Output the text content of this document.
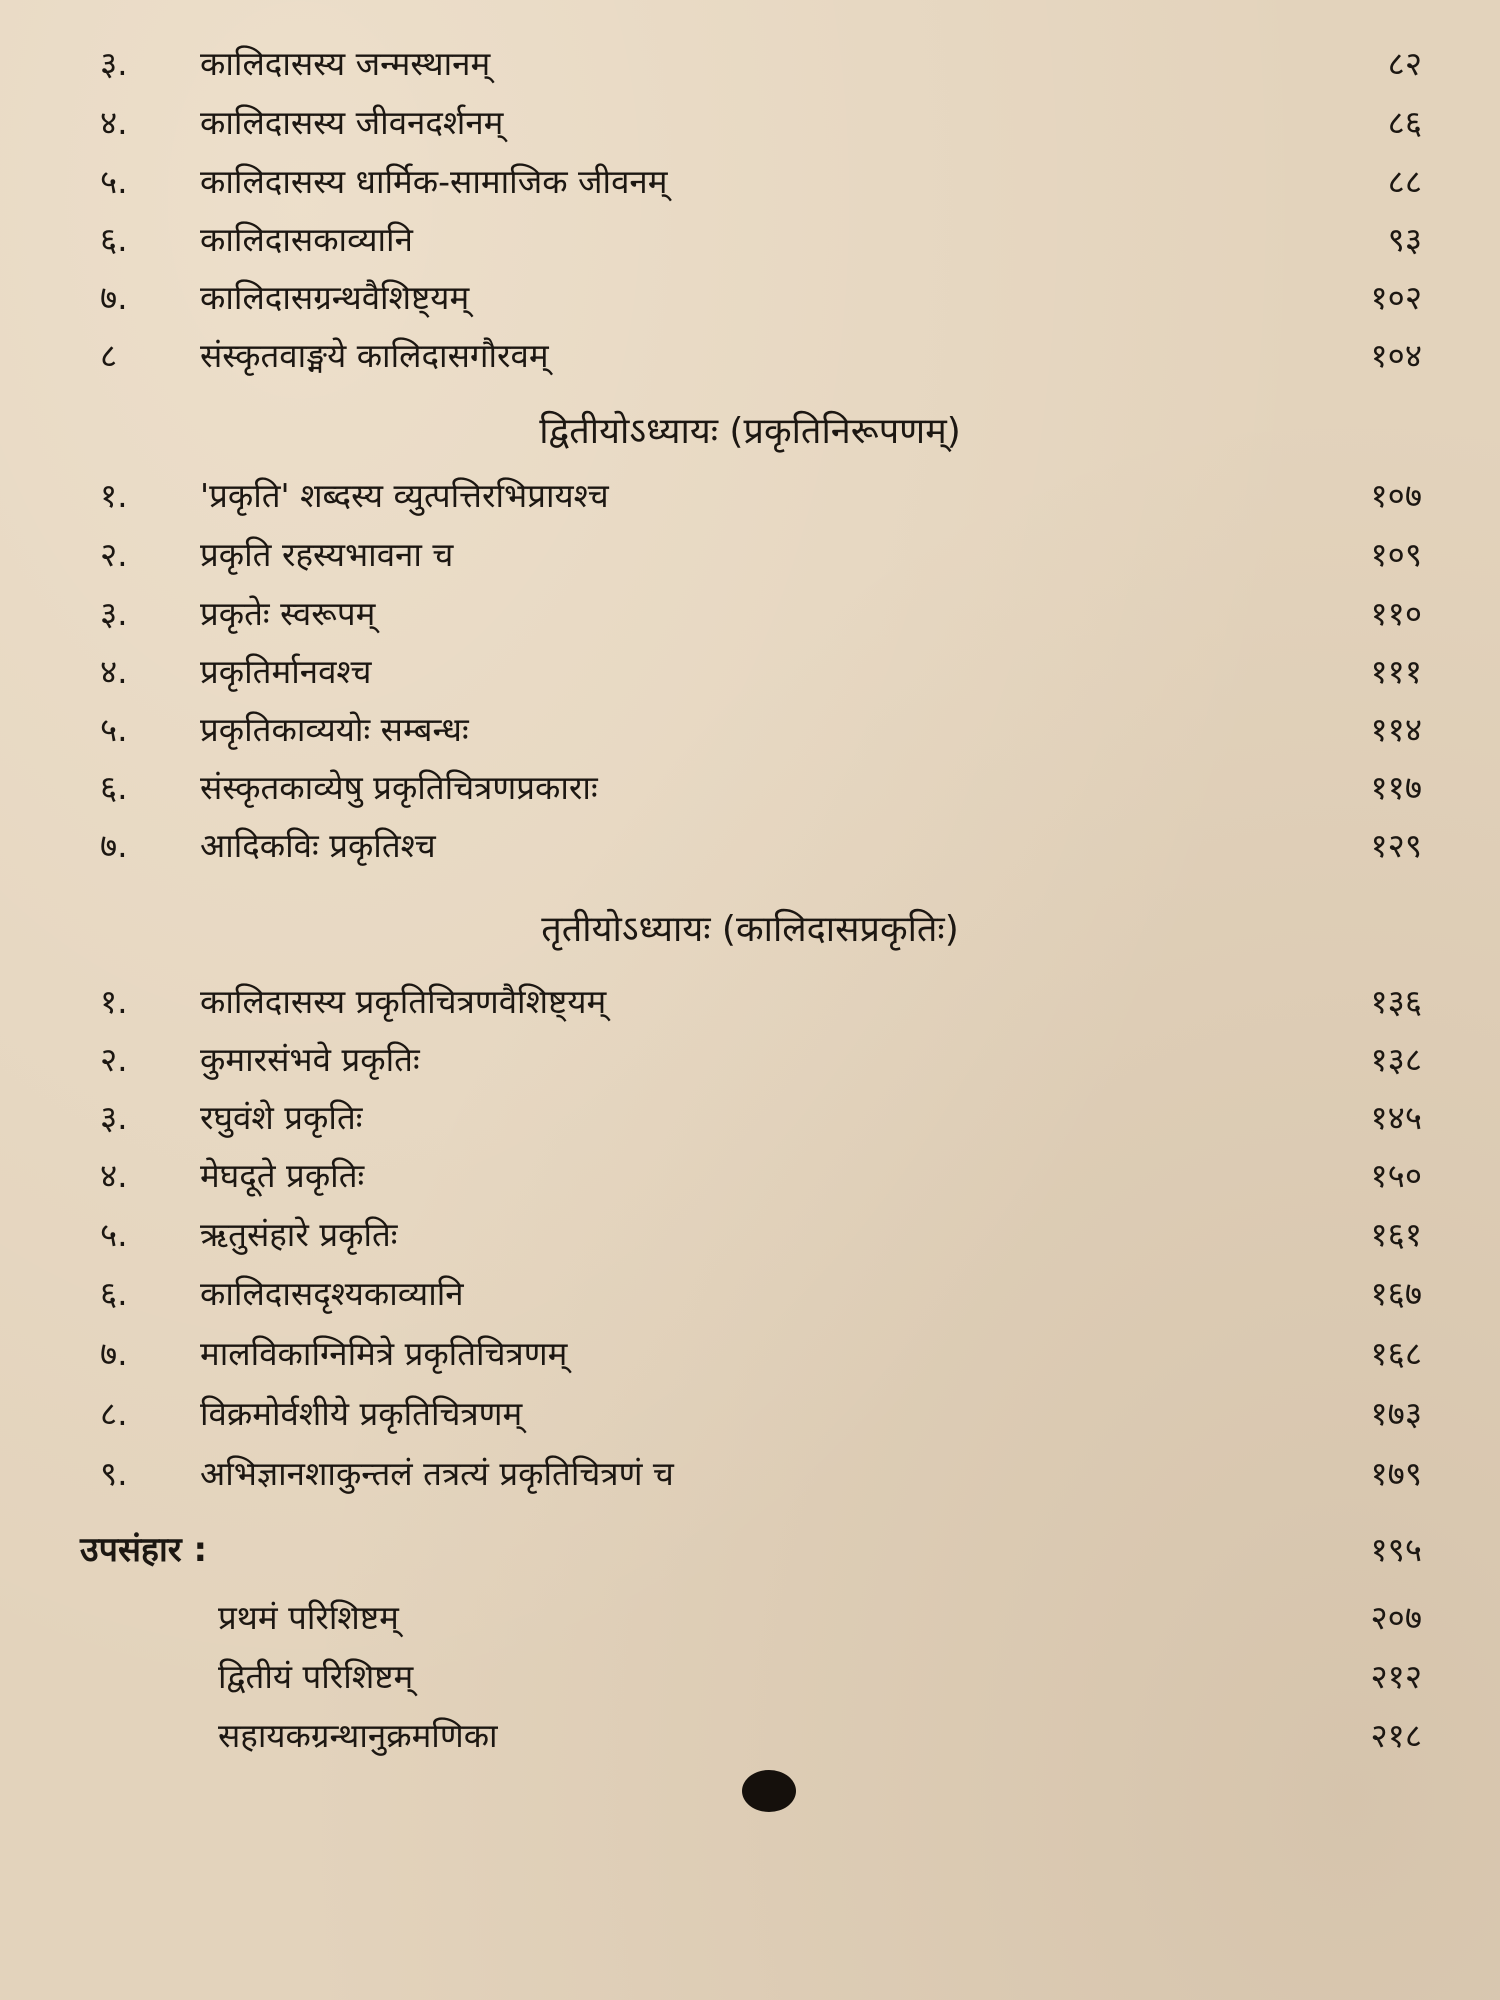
३.	कालिदासस्य जन्मस्थानम्	८२
४.	कालिदासस्य जीवनदर्शनम्	८६
५.	कालिदासस्य धार्मिक-सामाजिक जीवनम्	८८
६.	कालिदासकाव्यानि	९३
७.	कालिदासग्रन्थवैशिष्ट्यम्	१०२
८	संस्कृतवाङ्मये कालिदासगौरवम्	१०४
द्वितीयोऽध्यायः (प्रकृतिनिरूपणम्)
१.	'प्रकृति' शब्दस्य व्युत्पत्तिरभिप्रायश्च	१०७
२.	प्रकृति रहस्यभावना च	१०९
३.	प्रकृतेः स्वरूपम्	११०
४.	प्रकृतिर्मानवश्च	१११
५.	प्रकृतिकाव्ययोः सम्बन्धः	११४
६.	संस्कृतकाव्येषु प्रकृतिचित्रणप्रकाराः	११७
७.	आदिकविः प्रकृतिश्च	१२९
तृतीयोऽध्यायः (कालिदासप्रकृतिः)
१.	कालिदासस्य प्रकृतिचित्रणवैशिष्ट्यम्	१३६
२.	कुमारसंभवे प्रकृतिः	१३८
३.	रघुवंशे प्रकृतिः	१४५
४.	मेघदूते प्रकृतिः	१५०
५.	ऋतुसंहारे प्रकृतिः	१६१
६.	कालिदासदृश्यकाव्यानि	१६७
७.	मालविकाग्निमित्रे प्रकृतिचित्रणम्	१६८
८.	विक्रमोर्वशीये प्रकृतिचित्रणम्	१७३
९.	अभिज्ञानशाकुन्तलं तत्रत्यं प्रकृतिचित्रणं च	१७९
उपसंहार :	१९५
प्रथमं परिशिष्टम्	२०७
द्वितीयं परिशिष्टम्	२१२
सहायकग्रन्थानुक्रमणिका	२१८
